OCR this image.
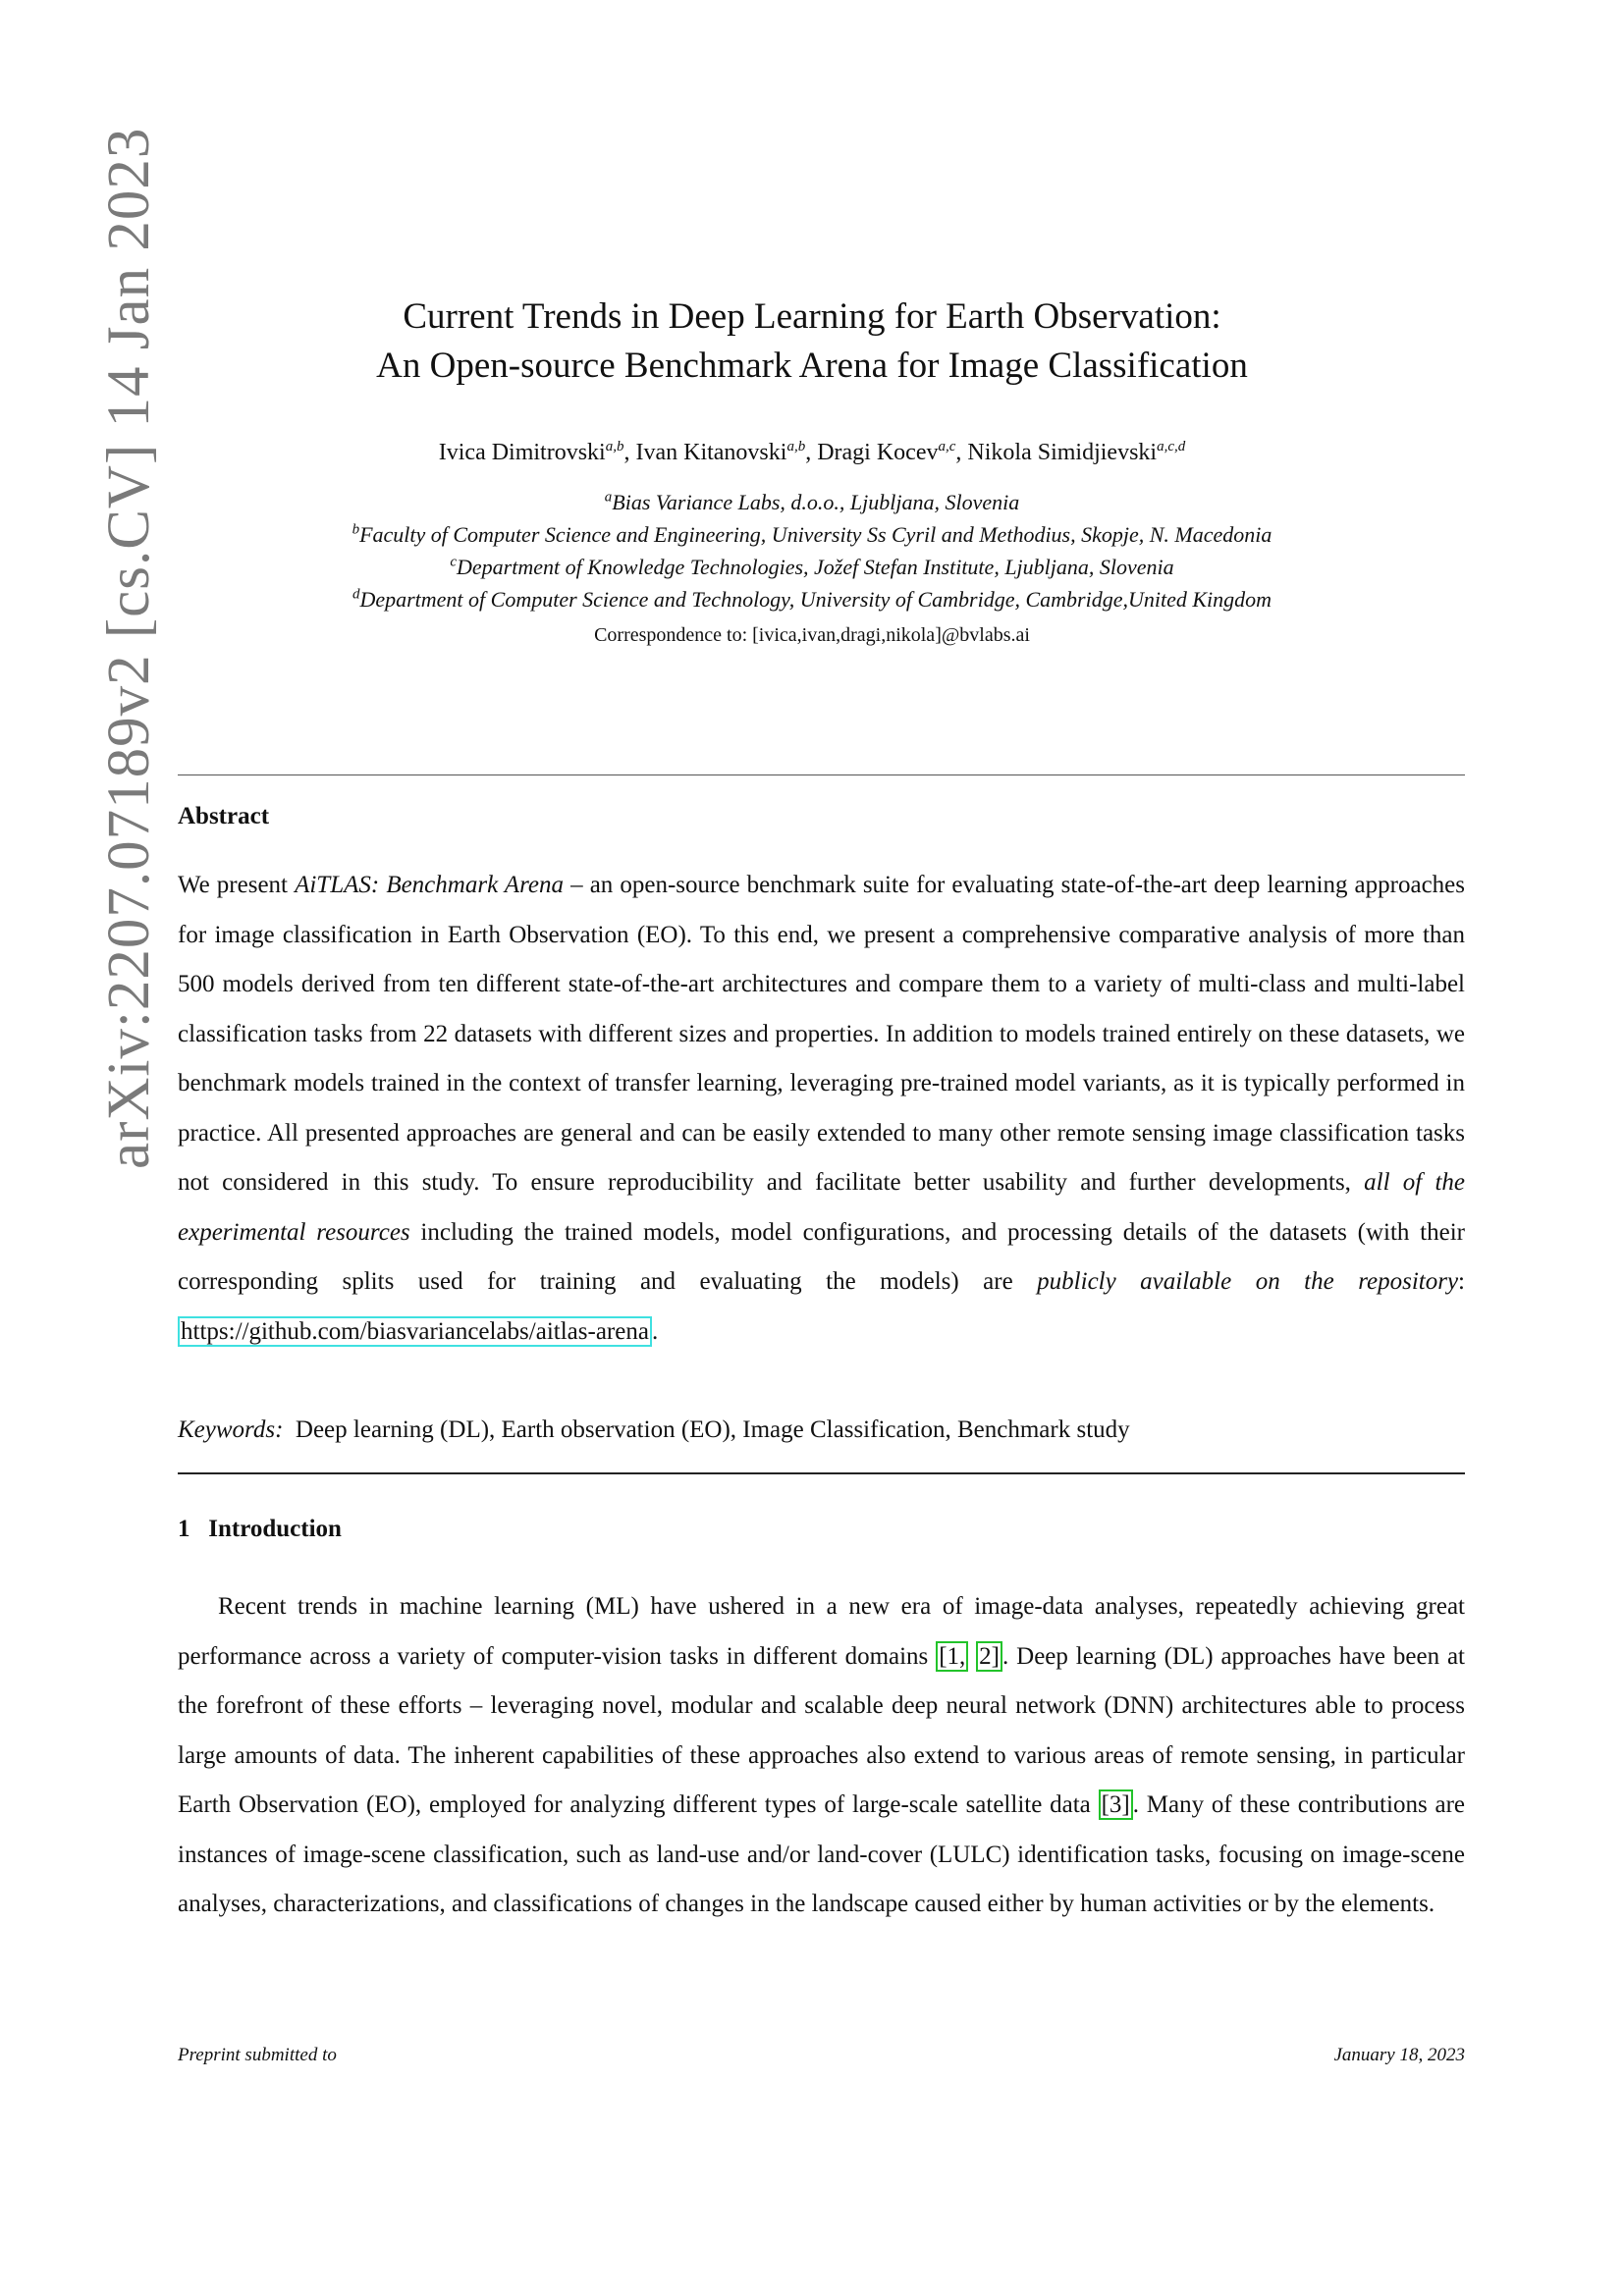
arXiv:2207.07189v2 [cs.CV] 14 Jan 2023	Current Trends in Deep Learning for Earth Observation:
An Open-source Benchmark Arena for Image Classification
Ivica Dimitrovski$^{a,b}$, Ivan Kitanovski$^{a,b}$, Dragi Kocev$^{a,c}$, Nikola Simidjievski$^{a,c,d}$
$^a$Bias Variance Labs, d.o.o., Ljubljana, Slovenia
$^b$Faculty of Computer Science and Engineering, University Ss Cyril and Methodius, Skopje, N. Macedonia
$^c$Department of Knowledge Technologies, Jožef Stefan Institute, Ljubljana, Slovenia
$^d$Department of Computer Science and Technology, University of Cambridge, Cambridge,United Kingdom
Correspondence to: [ivica,ivan,dragi,nikola]@bvlabs.ai
Abstract
We present AiTLAS: Benchmark Arena – an open-source benchmark suite for evaluating state-of-the-art deep learning approaches for image classification in Earth Observation (EO). To this end, we present a comprehensive comparative analysis of more than 500 models derived from ten different state-of-the-art architectures and compare them to a variety of multi-class and multi-label classification tasks from 22 datasets with different sizes and properties. In addition to models trained entirely on these datasets, we benchmark models trained in the context of transfer learning, leveraging pre-trained model variants, as it is typically performed in practice. All presented approaches are general and can be easily extended to many other remote sensing image classification tasks not considered in this study. To ensure reproducibility and facilitate better usability and further developments, all of the experimental resources including the trained models, model configurations, and processing details of the datasets (with their corresponding splits used for training and evaluating the models) are publicly available on the repository: https://github.com/biasvariancelabs/aitlas-arena .
Keywords: Deep learning (DL), Earth observation (EO), Image Classification, Benchmark study
1 Introduction
Recent trends in machine learning (ML) have ushered in a new era of image-data analyses, repeatedly achieving great performance across a variety of computer-vision tasks in different domains [1, 2] . Deep learning (DL) approaches have been at the forefront of these efforts – leveraging novel, modular and scalable deep neural network (DNN) architectures able to process large amounts of data. The inherent capabilities of these approaches also extend to various areas of remote sensing, in particular Earth Observation (EO), employed for analyzing different types of large-scale satellite data [3] . Many of these contributions are instances of image-scene classification, such as land-use and/or land-cover (LULC) identification tasks, focusing on image-scene analyses, characterizations, and classifications of changes in the landscape caused either by human activities or by the elements.
Preprint submitted to	January 18, 2023
